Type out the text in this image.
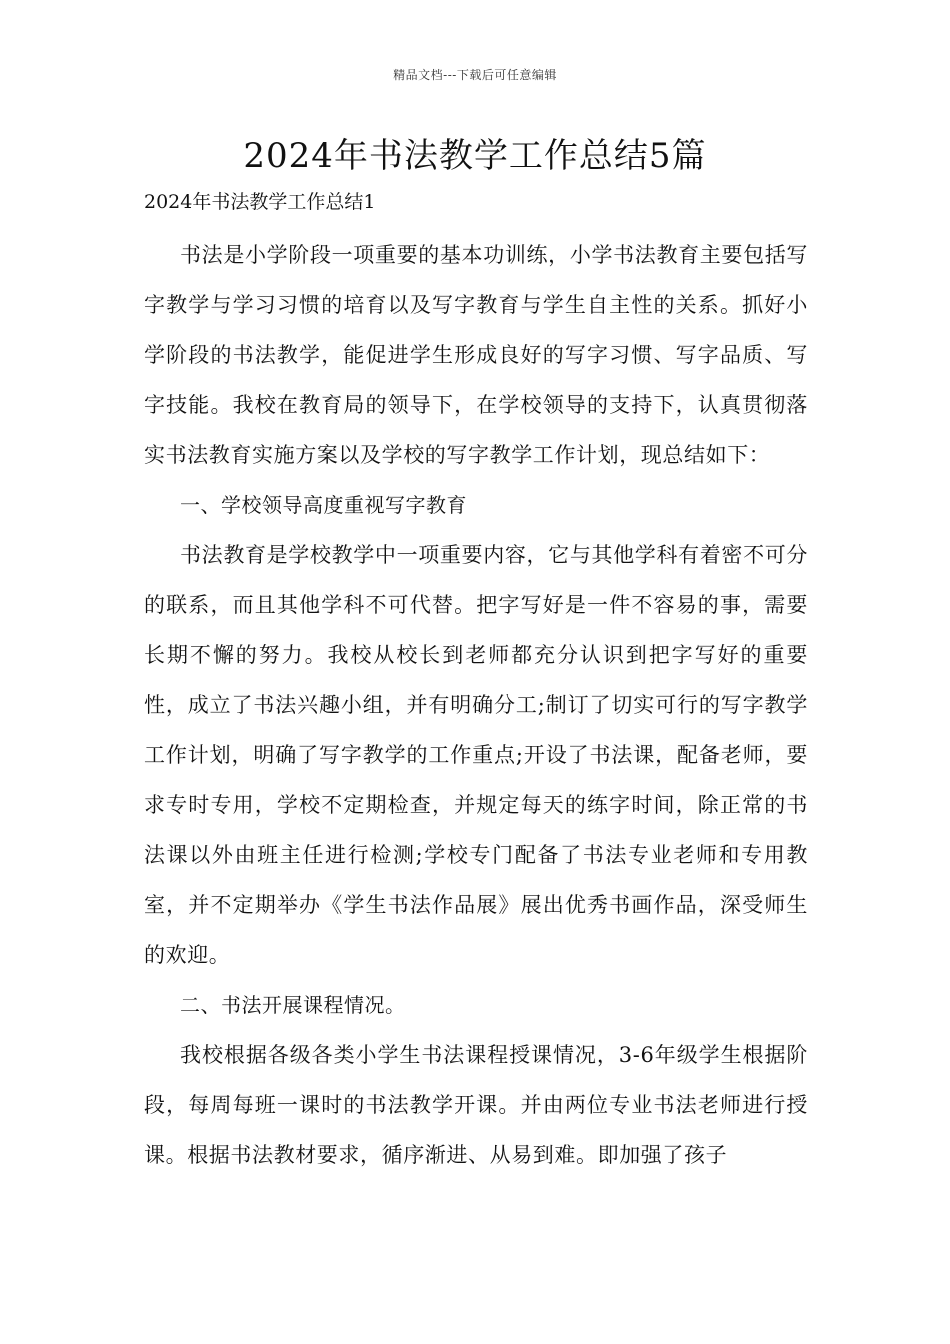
精品文档---下载后可任意编辑
2024年书法教学工作总结5篇

2024年书法教学工作总结1

书法是小学阶段一项重要的基本功训练，小学书法教育主要包括写字教学与学习习惯的培育以及写字教育与学生自主性的关系。抓好小学阶段的书法教学，能促进学生形成良好的写字习惯、写字品质、写字技能。我校在教育局的领导下，在学校领导的支持下，认真贯彻落实书法教育实施方案以及学校的写字教学工作计划，现总结如下：

一、学校领导高度重视写字教育

书法教育是学校教学中一项重要内容，它与其他学科有着密不可分的联系，而且其他学科不可代替。把字写好是一件不容易的事，需要长期不懈的努力。我校从校长到老师都充分认识到把字写好的重要性，成立了书法兴趣小组，并有明确分工;制订了切实可行的写字教学工作计划，明确了写字教学的工作重点;开设了书法课，配备老师，要求专时专用，学校不定期检查，并规定每天的练字时间，除正常的书法课以外由班主任进行检测;学校专门配备了书法专业老师和专用教室，并不定期举办《学生书法作品展》展出优秀书画作品，深受师生的欢迎。

二、书法开展课程情况。

我校根据各级各类小学生书法课程授课情况，3-6年级学生根据阶段，每周每班一课时的书法教学开课。并由两位专业书法老师进行授课。根据书法教材要求，循序渐进、从易到难。即加强了孩子
